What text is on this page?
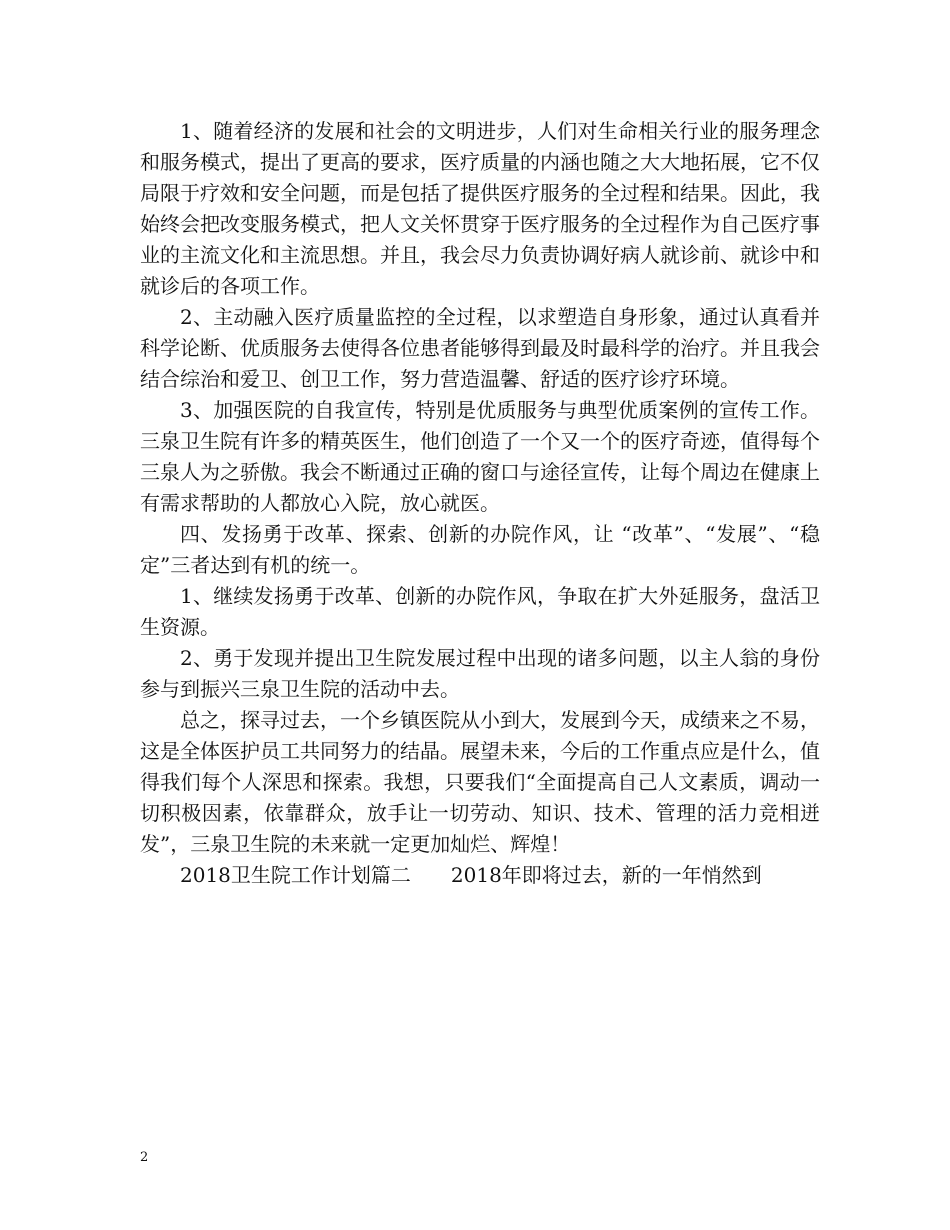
1、随着经济的发展和社会的文明进步，人们对生命相关行业的服务理念和服务模式，提出了更高的要求，医疗质量的内涵也随之大大地拓展，它不仅局限于疗效和安全问题，而是包括了提供医疗服务的全过程和结果。因此，我始终会把改变服务模式，把人文关怀贯穿于医疗服务的全过程作为自己医疗事业的主流文化和主流思想。并且，我会尽力负责协调好病人就诊前、就诊中和就诊后的各项工作。

2、主动融入医疗质量监控的全过程，以求塑造自身形象，通过认真看并科学论断、优质服务去使得各位患者能够得到最及时最科学的治疗。并且我会结合综治和爱卫、创卫工作，努力营造温馨、舒适的医疗诊疗环境。

3、加强医院的自我宣传，特别是优质服务与典型优质案例的宣传工作。三泉卫生院有许多的精英医生，他们创造了一个又一个的医疗奇迹，值得每个三泉人为之骄傲。我会不断通过正确的窗口与途径宣传，让每个周边在健康上有需求帮助的人都放心入院，放心就医。

四、发扬勇于改革、探索、创新的办院作风，让 “改革”、“发展”、“稳定”三者达到有机的统一。

1、继续发扬勇于改革、创新的办院作风，争取在扩大外延服务，盘活卫生资源。

2、勇于发现并提出卫生院发展过程中出现的诸多问题，以主人翁的身份参与到振兴三泉卫生院的活动中去。

总之，探寻过去，一个乡镇医院从小到大，发展到今天，成绩来之不易，这是全体医护员工共同努力的结晶。展望未来，今后的工作重点应是什么，值得我们每个人深思和探索。我想，只要我们“全面提高自己人文素质，调动一切积极因素，依靠群众，放手让一切劳动、知识、技术、管理的活力竞相迸发”，三泉卫生院的未来就一定更加灿烂、辉煌！

2018卫生院工作计划篇二　　2018年即将过去，新的一年悄然到

2
